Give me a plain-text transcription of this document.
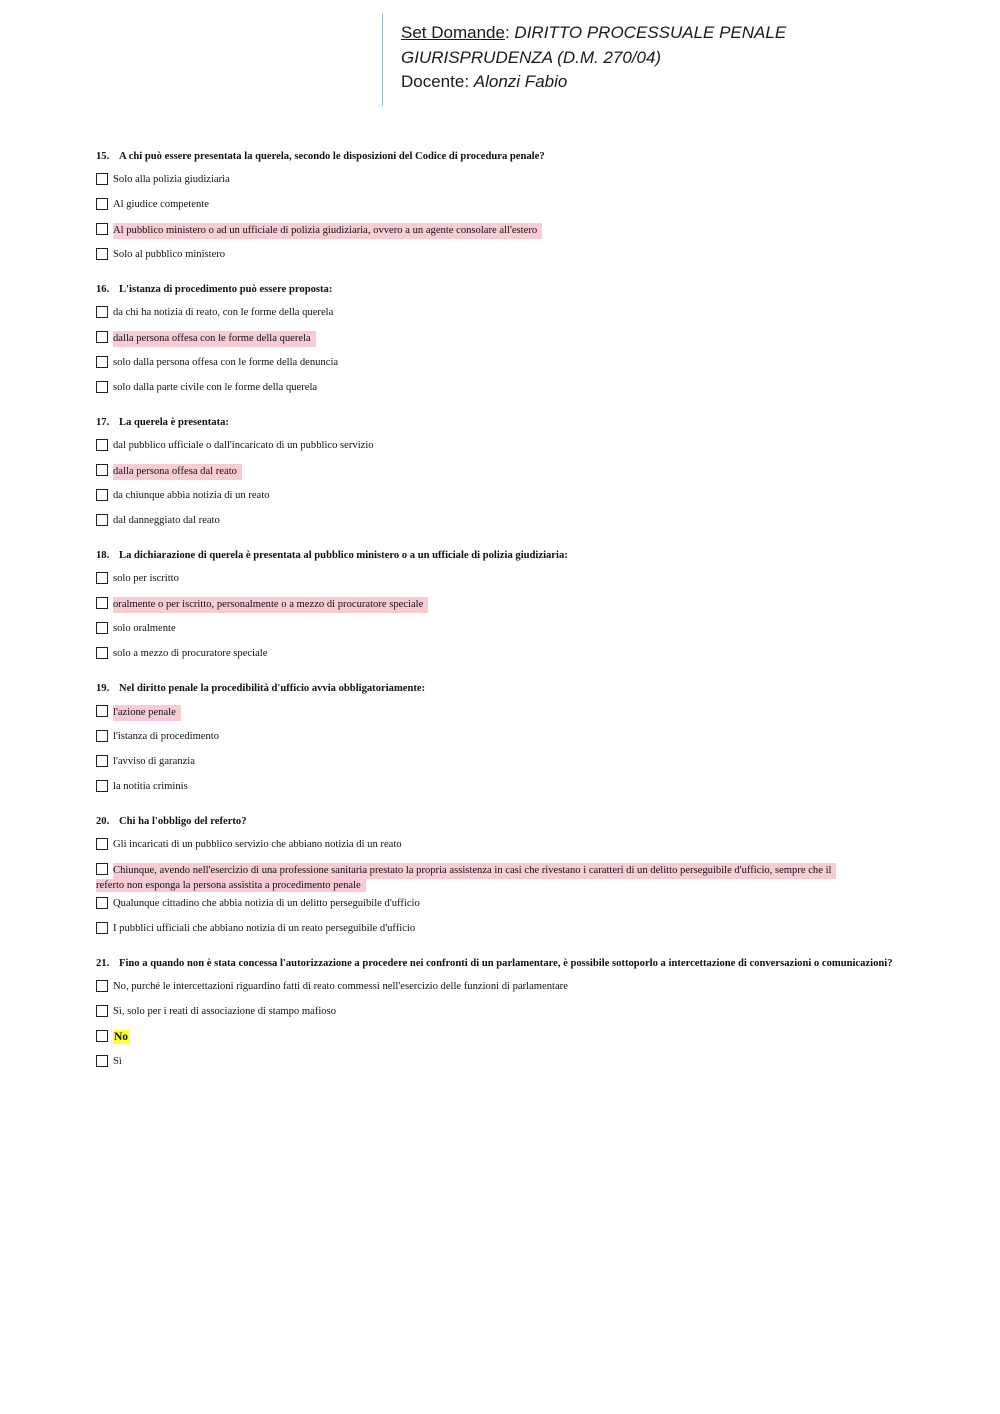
Set Domande: DIRITTO PROCESSUALE PENALE
GIURISPRUDENZA (D.M. 270/04)
Docente: Alonzi Fabio
15. A chi può essere presentata la querela, secondo le disposizioni del Codice di procedura penale?
Solo alla polizia giudiziaria
Al giudice competente
Al pubblico ministero o ad un ufficiale di polizia giudiziaria, ovvero a un agente consolare all'estero
Solo al pubblico ministero
16. L'istanza di procedimento può essere proposta:
da chi ha notizia di reato, con le forme della querela
dalla persona offesa con le forme della querela
solo dalla persona offesa con le forme della denuncia
solo dalla parte civile con le forme della querela
17. La querela è presentata:
dal pubblico ufficiale o dall'incaricato di un pubblico servizio
dalla persona offesa dal reato
da chiunque abbia notizia di un reato
dal danneggiato dal reato
18. La dichiarazione di querela è presentata al pubblico ministero o a un ufficiale di polizia giudiziaria:
solo per iscritto
oralmente o per iscritto, personalmente o a mezzo di procuratore speciale
solo oralmente
solo a mezzo di procuratore speciale
19. Nel diritto penale la procedibilità d'ufficio avvia obbligatoriamente:
l'azione penale
l'istanza di procedimento
l'avviso di garanzia
la notitia criminis
20. Chi ha l'obbligo del referto?
Gli incaricati di un pubblico servizio che abbiano notizia di un reato
Chiunque, avendo nell'esercizio di una professione sanitaria prestato la propria assistenza in casi che rivestano i caratteri di un delitto perseguibile d'ufficio, sempre che il
referto non esponga la persona assistita a procedimento penale
Qualunque cittadino che abbia notizia di un delitto perseguibile d'ufficio
I pubblici ufficiali che abbiano notizia di un reato perseguibile d'ufficio
21. Fino a quando non è stata concessa l'autorizzazione a procedere nei confronti di un parlamentare, è possibile sottoporlo a intercettazione di conversazioni o comunicazioni?
No, purché le intercettazioni riguardino fatti di reato commessi nell'esercizio delle funzioni di parlamentare
Sì, solo per i reati di associazione di stampo mafioso
No
Sì
